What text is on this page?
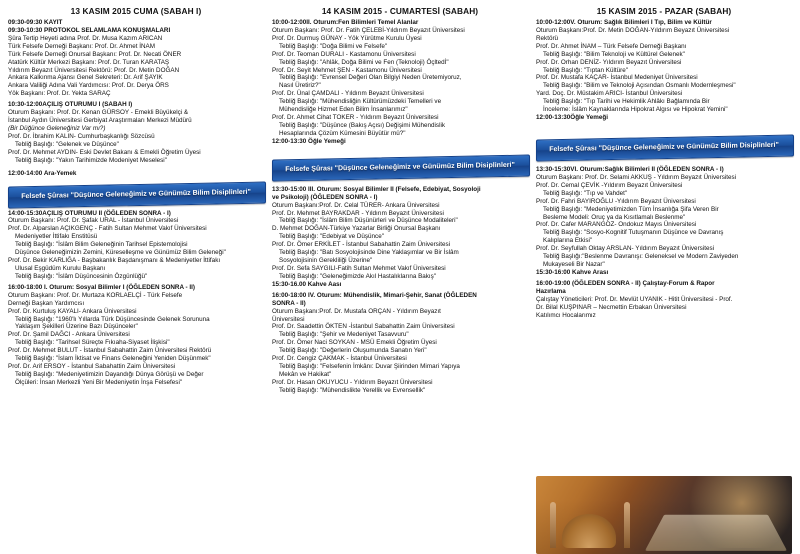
13 KASIM 2015 CUMA (SABAH I)
09:30-09:30 KAYIT
09:30-10:30 PROTOKOL SELAMLAMA KONUŞMALARI
Şûra Tertip Heyeti adına Prof. Dr. Musa Kazım ARICAN
Türk Felsefe Derneği Başkanı: Prof. Dr. Ahmet İNAM
Türk Felsefe Derneği Onursal Başkanı: Prof. Dr. Necati ÖNER
Atatürk Kültür Merkezi Başkanı: Prof. Dr. Turan KARATAŞ
Yıldırım Beyazıt Üniversitesi Rektörü: Prof. Dr. Metin DOĞAN
Ankara Kalkınma Ajansı Genel Sekreteri: Dr. Arif ŞAYIK
Ankara Valiliği Adına Vali Yardımcısı: Prof. Dr. Derya ÖRS
Yök Başkanı: Prof. Dr. Yekta SARAÇ
10:30-12:00AÇILIŞ OTURUMU I (SABAH I)
Oturum Başkanı: Prof. Dr. Kenan GÜRSOY - Emekli Büyükelçi &
İstanbul Aydın Üniversitesi Gerbiyat Araştırmaları Merkezi Müdürü
(Bir Düğünce Geleneğiniz Var mı?)
Prof. Dr. İbrahim KALIN- Cumhurbaşkanlığı Sözcüsü
Tebliğ Başlığı: "Gelenek ve Düşünce"
Prof. Dr. Mehmet AYDIN- Eski Devlet Bakanı & Emekli Öğretim Üyesi
Tebliğ Başlığı: "Yakın Tarihimizde Modeniyet Meselesi"
12:00-14:00 Ara-Yemek
Felsefe Şûrası "Düşünce Geleneğimiz ve Günümüz Bilim Disiplinleri"
14:00-15:30AÇILIŞ OTURUMU II (ÖĞLEDEN SONRA - I)
Oturum Başkanı: Prof. Dr. Şafak URAL - İstanbul Üniversitesi
Prof. Dr. Alparslan AÇIKGENÇ - Fatih Sultan Mehmet Vakıf Üniversitesi
Medeniyetler İttifakı Enstitüsü
Tebliğ Başlığı: "İslâm Bilim Geleneğinin Tarihsel Epistemolojisi
Düşünce Geleneğimizin Zemini, Küreselleşme ve Günümüz Bilim Geleneği"
Prof. Dr. Bekir KARLIĞA - Başbakanlık Başdanışmanı & Medeniyetler İttifakı
Ulusal Eşgüdüm Kurulu Başkanı
Tebliğ Başlığı: "İslâm Düşüncesinin Özgünlüğü"
16:00-18:00 I. Oturum: Sosyal Bilimler I (ÖĞLEDEN SONRA - II)
Oturum Başkanı: Prof. Dr. Murtaza KORLAELÇİ - Türk Felsefe
Derneği Başkan Yardımcısı
Prof. Dr. Kurtuluş KAYALI- Ankara Üniversitesi
Tebliğ Başlığı: "1960'lı Yıllarda Türk Düşüncesinde Gelenek Sorununa
Yaklaşım Şekilleri Üzerine Bazı Düşünceler"
Prof. Dr. Şamil DAĞCI - Ankara Üniversitesi
Tebliğ Başlığı: "Tarihsel Süreçte Fıkıaha-Siyaset İlişkisi"
Prof. Dr. Mehmet BULUT - İstanbul Sabahattin Zaim Üniversitesi Rektörü
Tebliğ Başlığı: "İslam İktisat ve Finans Geleneğini Yeniden Düşünmek"
Prof. Dr. Arif ERSOY - İstanbul Sabahattin Zaim Üniversitesi
Tebliğ Başlığı: "Medeniyetimizin Dayandığı Dünya Görüşü ve Değer
Ölçüleri: İnsan Merkezli Yeni Bir Medeniyetin İnşa Felsefesi"
14 KASIM 2015 - CUMARTESİ (SABAH)
10:00-12:00II. Oturum:Fen Bilimleri Temel Alanlar
Oturum Başkanı: Prof. Dr. Fatih ÇELEBİ-Yıldırım Beyazıt Üniversitesi
Prof. Dr. Durmuş GÜNAY - Yök Yürütme Kurulu Üyesi
Tebliğ Başlığı: "Doğa Bilimi ve Felsefe"
Prof. Dr. Teoman DURALI - Kastamonu Üniversitesi
Tebliğ Başlığı: "Ahlâk, Doğa Bilimi ve Fen (Teknoloji) Öçltedİ"
Prof. Dr. Seyit Mehmet ŞEN - Kastamonu Üniversitesi
Tebliğ Başlığı: "Evrensel Değeri Olan Bilgiyi Neden Üretemiyoruz,
Nasıl Üretiriz?"
Prof. Dr. Ünal ÇAMDALI - Yıldırım Beyazıt Üniversitesi
Tebliğ Başlığı: "Mühendisliğin Kültürümüzdeki Temelleri ve
Mühendisliğe Hizmet Eden Bilim İnsanlarımız"
Prof. Dr. Ahmet Cihat TOKER - Yıldırım Beyazıt Üniversitesi
Tebliğ Başlığı: "Düşünce (Bakış Açısı) Değişimi Mühendislik
Hesaplarında Çözüm Kümesini Büyütür mü?"
12:00-13:30 Öğle Yemeği
Felsefe Şûrası "Düşünce Geleneğimiz ve Günümüz Bilim Disiplinleri"
13:30-15:00 III. Oturum: Sosyal Bilimler II (Felsefe, Edebiyat, Sosyoloji
ve Psikoloji) (ÖĞLEDEN SONRA - I)
Oturum Başkanı:Prof. Dr. Celal TÜRER- Ankara Üniversitesi
Prof. Dr. Mehmet BAYRAKDAR - Yıldırım Beyazıt Üniversitesi
Tebliğ Başlığı: "İslâm Bilim Düşünürleri ve Düşünce Modaliteleri"
D. Mehmet DOĞAN-Türkiye Yazarlar Birliği Onursal Başkanı
Tebliğ Başlığı: "Edebiyat ve Düşünce"
Prof. Dr. Ömer ERKİLET - İstanbul Sabahattin Zaim Üniversitesi
Tebliğ Başlığı: "Batı Sosyolojisinde Dine Yaklaşımlar ve Bir İslâm
Sosyolojisinin Gerekliliği Üzerine"
Prof. Dr. Sefa SAYGILI-Fatih Sultan Mehmet Vakıf Üniversitesi
Tebliğ Başlığı: "Geleneğimizde Akıl Hastalıklarına Bakış"
15:30-16.00 Kahve Aası
16:00-18:00 IV. Oturum: Mühendislik, Mimari-Şehir, Sanat (ÖĞLEDEN
SONRA - II)
Oturum Başkanı:Prof. Dr. Mustafa ORÇAN - Yıldırım Beyazıt
Üniversitesi
Prof. Dr. Saadettin ÖKTEN -İstanbul Sabahattin Zaim Üniversitesi
Tebliğ Başlığı: "Şehir ve Medeniyet Tasavvuru"
Prof. Dr. Ömer Naci SOYKAN - MSÜ Emekli Öğretim Üyesi
Tebliğ Başlığı: "Değerlerin Oluşumunda Sanatın Yeri"
Prof. Dr. Cengiz ÇAKMAK - İstanbul Üniversitesi
Tebliğ Başlığı: "Felsefenin İmkânı: Duvar Şiirinden Mimari Yapıya
Mekân ve Hakikat"
Prof. Dr. Hasan OKUYUCU - Yıldırım Beyazıt Üniversitesi
Tebliğ Başlığı: "Mühendislikte Yerellik ve Evrensellik"
15 KASIM 2015 - PAZAR (SABAH)
10:00-12:00V. Oturum: Sağlık Bilimleri I Tıp, Bilim ve Kültür
Oturum Başkanı:Prof. Dr. Metin DOĞAN-Yıldırım Beyazıt Üniversitesi
Rektörü
Prof. Dr. Ahmet İNAM – Türk Felsefe Derneği Başkanı
Tebliğ Başlığı: "Bilim Teknoloji ve Kültürel Gelenek"
Prof. Dr. Orhan DENİZ- Yıldırım Beyazıt Üniversitesi
Tebliğ Başlığı: "Tıptan Kültüre"
Prof. Dr. Mustafa KAÇAR- İstanbul Medeniyet Üniversitesi
Tebliğ Başlığı: "Bilim ve Teknoloji Açısından Osmanlı Modernleşmesi"
Yard. Doç. Dr. Müstakim ARICI- İstanbul Üniversitesi
Tebliğ Başlığı: "Tıp Tarihi ve Hekimlik Ahlâkı Bağlamında Bir
İnceleme: İslâm Kaynaklarında Hipokrat Algısı ve Hipokrat Yemini"
12:00-13:30Öğle Yemeği
Felsefe Şûrası "Düşünce Geleneğimiz ve Günümüz Bilim Disiplinleri"
13:30-15:30VI. Oturum:Sağlık Bilimleri II (ÖĞLEDEN SONRA - I)
Oturum Başkanı: Prof. Dr. Selami AKKUŞ - Yıldırım Beyazıt Üniversitesi
Prof. Dr. Cemal ÇEVİK -Yıldırım Beyazıt Üniversitesi
Tebliğ Başlığı: "Tıp ve Vahdet"
Prof. Dr. Fahri BAYIROĞLU -Yıldırım Beyazıt Üniversitesi
Tebliğ Başlığı: "Medeniyetimizden Tüm İnsanlığa Şifa Veren Bir
Besleme Modeli: Oruç ya da Kısıtlamalı Beslenme"
Prof. Dr. Cafer MARANGOZ- Ondokuz Mayıs Üniversitesi
Tebliğ Başlığı: "Sosyo-Kognitif Tutuşmanın Düşünce ve Davranış
Kalıplarına Etkisi"
Prof. Dr. Seyfullah Oktay ARSLAN- Yıldırım Beyazıt Üniversitesi
Tebliğ Başlığı:"Beslenme Davranışı: Geleneksel ve Modern Zaviyeden
Mukayeseli Bir Nazar"
15:30-16:00 Kahve Arası
16:00-19:00 (ÖĞLEDEN SONRA - II) Çalıştay-Forum & Rapor
Hazırlama
Çalıştay Yöneticileri: Prof. Dr. Mevlüt UYANIK - Hitit Üniversitesi - Prof.
Dr. Bilal KUŞPINAR – Necmettin Erbakan Üniversitesi
Katılımcı Hocalarımız
